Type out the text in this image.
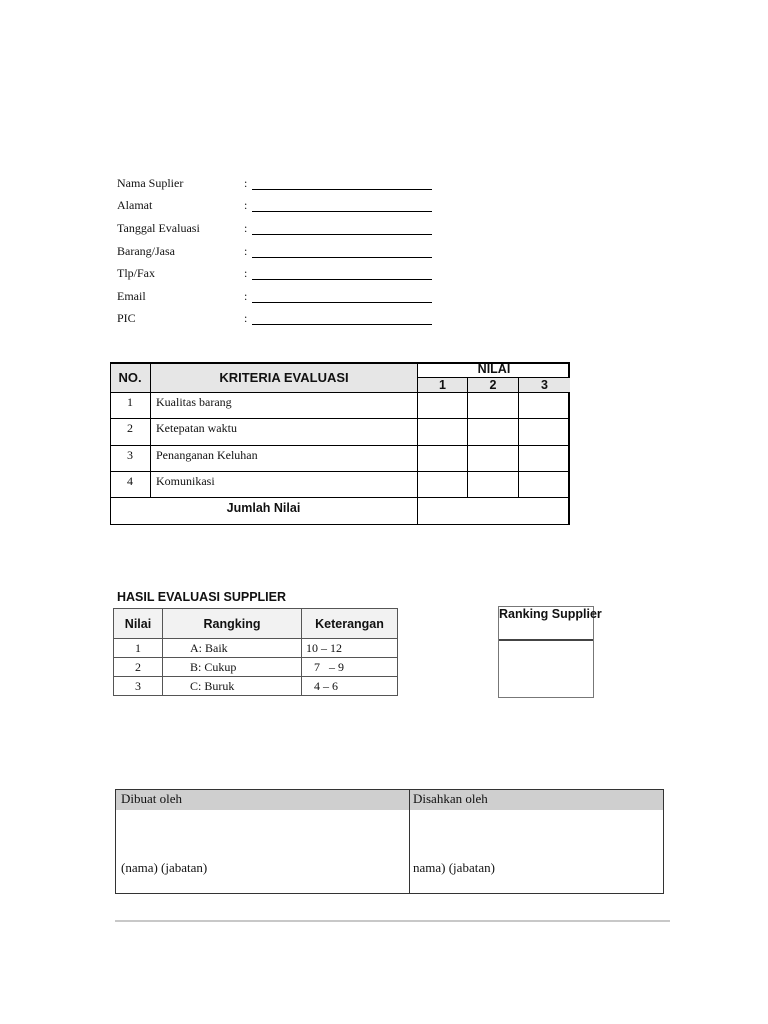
Nama Suplier	:
Alamat	:
Tanggal Evaluasi	:
Barang/Jasa	:
Tlp/Fax	:
Email	:
PIC	:
NO.	KRITERIA EVALUASI
NILAI
1	2	3
1	Kualitas barang
2	Ketepatan waktu
3	Penanganan Keluhan
4	Komunikasi
Jumlah Nilai
HASIL EVALUASI SUPPLIER
Nilai	Rangking	Keterangan
1	A: Baik	10 – 12
2	B: Cukup	7   – 9
3	C: Buruk	4 – 6
Ranking Supplier
Dibuat oleh	Disahkan oleh
(nama) (jabatan)	nama) (jabatan)
